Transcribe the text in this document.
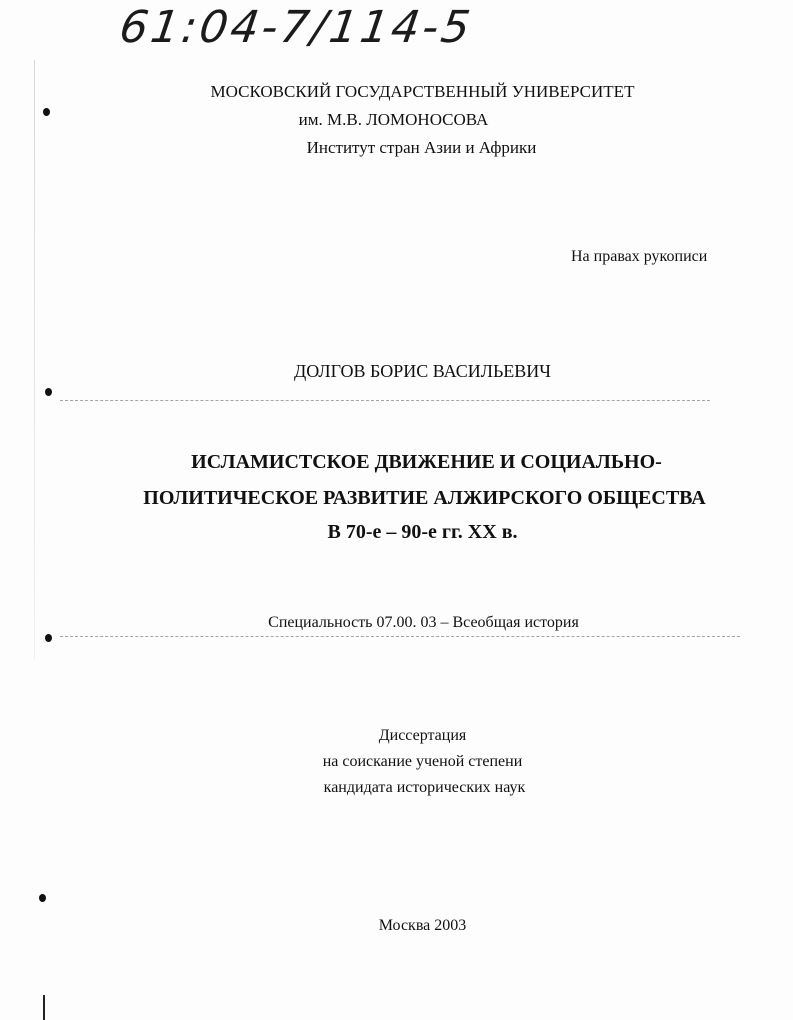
61:04-7/114-5
МОСКОВСКИЙ ГОСУДАРСТВЕННЫЙ УНИВЕРСИТЕТ
им. М.В. ЛОМОНОСОВА
Институт стран Азии и Африки
На правах рукописи
ДОЛГОВ БОРИС ВАСИЛЬЕВИЧ
ИСЛАМИСТСКОЕ ДВИЖЕНИЕ И СОЦИАЛЬНО-
ПОЛИТИЧЕСКОЕ РАЗВИТИЕ АЛЖИРСКОГО ОБЩЕСТВА
В 70-е – 90-е гг. XX в.
Специальность 07.00. 03 – Всеобщая история
Диссертация
на соискание ученой степени
кандидата исторических наук
Москва 2003
